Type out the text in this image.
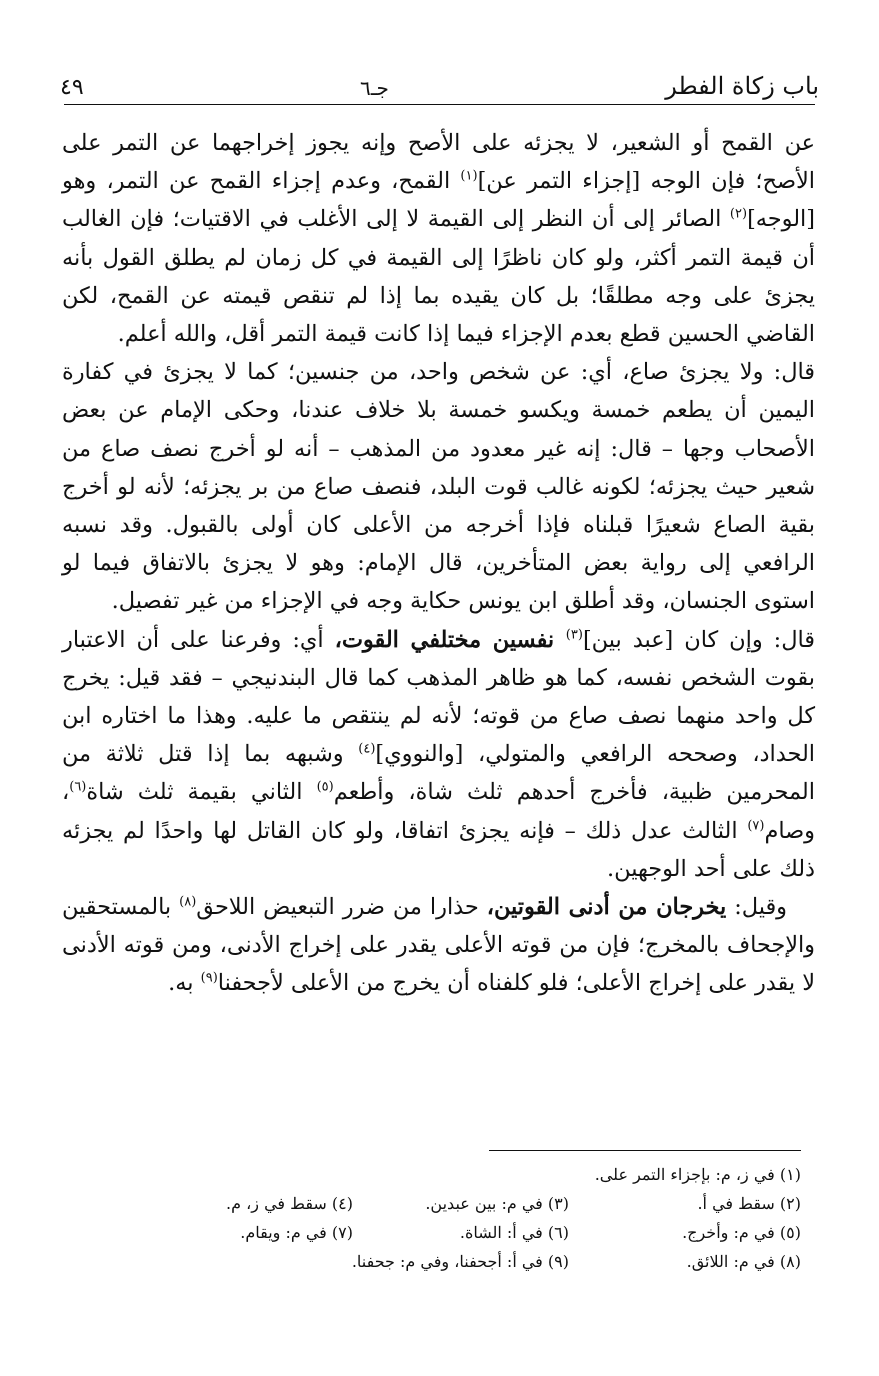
باب زكاة الفطر
جـ٦
٤٩

عن القمح أو الشعير، لا يجزئه على الأصح وإنه يجوز إخراجهما عن التمر على الأصح؛ فإن الوجه [إجزاء التمر عن]$^{(١)}$ القمح، وعدم إجزاء القمح عن التمر، وهو [الوجه]$^{(٢)}$ الصائر إلى أن النظر إلى القيمة لا إلى الأغلب في الاقتيات؛ فإن الغالب أن قيمة التمر أكثر، ولو كان ناظرًا إلى القيمة في كل زمان لم يطلق القول بأنه يجزئ على وجه مطلقًا؛ بل كان يقيده بما إذا لم تنقص قيمته عن القمح، لكن القاضي الحسين قطع بعدم الإجزاء فيما إذا كانت قيمة التمر أقل، والله أعلم.

قال: ولا يجزئ صاع، أي: عن شخص واحد، من جنسين؛ كما لا يجزئ في كفارة اليمين أن يطعم خمسة ويكسو خمسة بلا خلاف عندنا، وحكى الإمام عن بعض الأصحاب وجها – قال: إنه غير معدود من المذهب – أنه لو أخرج نصف صاع من شعير حيث يجزئه؛ لكونه غالب قوت البلد، فنصف صاع من بر يجزئه؛ لأنه لو أخرج بقية الصاع شعيرًا قبلناه فإذا أخرجه من الأعلى كان أولى بالقبول. وقد نسبه الرافعي إلى رواية بعض المتأخرين، قال الإمام: وهو لا يجزئ بالاتفاق فيما لو استوى الجنسان، وقد أطلق ابن يونس حكاية وجه في الإجزاء من غير تفصيل.

قال: وإن كان [عبد بين]$^{(٣)}$ نفسين مختلفي القوت، أي: وفرعنا على أن الاعتبار بقوت الشخص نفسه، كما هو ظاهر المذهب كما قال البندنيجي – فقد قيل: يخرج كل واحد منهما نصف صاع من قوته؛ لأنه لم ينتقص ما عليه. وهذا ما اختاره ابن الحداد، وصححه الرافعي والمتولي، [والنووي]$^{(٤)}$ وشبهه بما إذا قتل ثلاثة من المحرمين ظبية، فأخرج أحدهم ثلث شاة، وأطعم$^{(٥)}$ الثاني بقيمة ثلث شاة$^{(٦)}$، وصام$^{(٧)}$ الثالث عدل ذلك – فإنه يجزئ اتفاقا، ولو كان القاتل لها واحدًا لم يجزئه ذلك على أحد الوجهين.

وقيل: يخرجان من أدنى القوتين، حذارا من ضرر التبعيض اللاحق$^{(٨)}$ بالمستحقين والإجحاف بالمخرج؛ فإن من قوته الأعلى يقدر على إخراج الأدنى، ومن قوته الأدنى لا يقدر على إخراج الأعلى؛ فلو كلفناه أن يخرج من الأعلى لأجحفنا$^{(٩)}$ به.

(١) في ز، م: بإجزاء التمر على.
(٢) سقط في أ.
(٣) في م: بين عبدين.
(٤) سقط في ز، م.
(٥) في م: وأخرج.
(٦) في أ: الشاة.
(٧) في م: ويقام.
(٨) في م: اللائق.
(٩) في أ: أجحفنا، وفي م: جحفنا.
